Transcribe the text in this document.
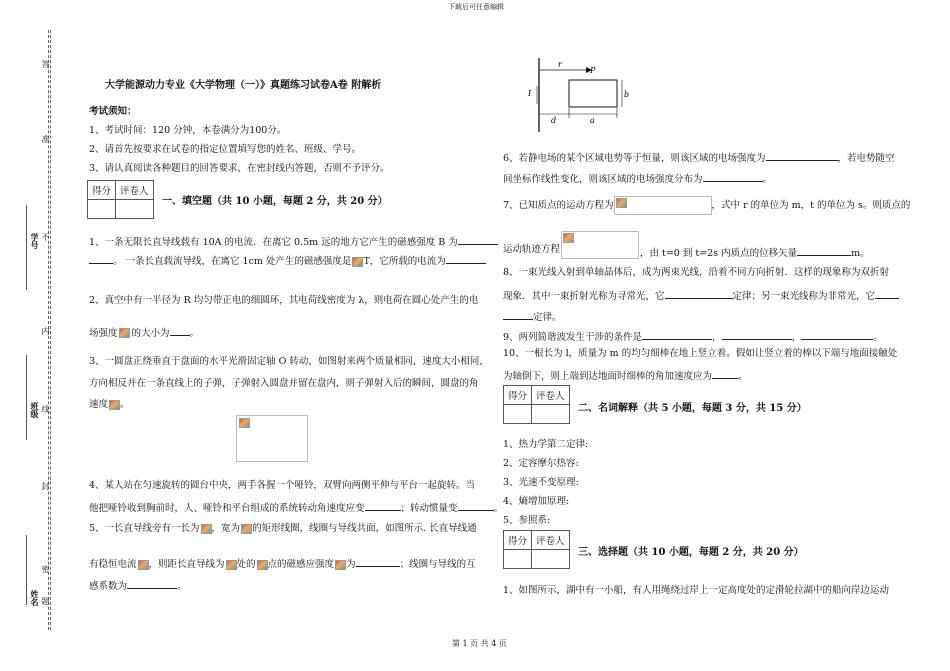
下载后可任意编辑
第 1 页 共 4 页
学号
班级
姓名
答
准
不
内
线
封
密
题
大学能源动力专业《大学物理（一）》真题练习试卷A卷 附解析
考试须知：
1、考试时间：120 分钟，本卷满分为100分。
2、请首先按要求在试卷的指定位置填写您的姓名、班级、学号。
3、请认真阅读各种题目的回答要求，在密封线内答题，否则不予评分。
得分	评卷人

一、填空题（共 10 小题，每题 2 分，共 20 分）
1、一条无限长直导线载有 10A 的电流．在离它 0.5m 远的地方它产生的磁感强度 B 为
。 一条长直载流导线，在离它 1cm 处产生的磁感强度是 T，它所载的电流为
2、真空中有一半径为 R 均匀带正电的细圆环，其电荷线密度为 λ，则电荷在圆心处产生的电
场强度 的大小为 。
3、一圆盘正绕垂直于盘面的水平光滑固定轴 O 转动，如图射来两个质量相同，速度大小相同，
方向相反并在一条直线上的子弹，子弹射入圆盘并留在盘内，则子弹射入后的瞬间，圆盘的角
速度 。
4、某人站在匀速旋转的圆台中央，两手各握一个哑铃，双臂向两侧平伸与平台一起旋转。当
他把哑铃收到胸前时，人、哑铃和平台组成的系统转动角速度应变	；转动惯量变	。
5、一长直导线旁有一长为 ，宽为 的矩形线圈，线圈与导线共面，如图所示. 长直导线通
有稳恒电流 ，则距长直导线为 处的 点的磁感应强度 为	；线圈与导线的互
感系数为	。
r
P
I	b
d	a
6、若静电场的某个区域电势等于恒量，则该区域的电场强度为	，若电势随空
间坐标作线性变化，则该区域的电场强度分布为	。
7、已知质点的运动方程为	，式中 r 的单位为 m，t 的单位为 s。则质点的
运动轨迹方程	，由 t=0 到 t=2s 内质点的位移矢量	m。
8、一束光线入射到单轴晶体后，成为两束光线，沿着不同方向折射．这样的现象称为双折射
现象．其中一束折射光称为寻常光，它	定律；另一束光线称为非常光，它
定律。
9、两列简谐波发生干涉的条件是	，	，	。
10、一根长为 l，质量为 m 的均匀细棒在地上竖立着。假如让竖立着的棒以下端与地面接触处
为轴倒下，则上端到达地面时细棒的角加速度应为	。
得分	评卷人

二、名词解释（共 5 小题，每题 3 分，共 15 分）
1、热力学第二定律:
2、定容摩尔热容:
3、光速不变原理:
4、熵增加原理:
5、参照系:
得分	评卷人

三、选择题（共 10 小题，每题 2 分，共 20 分）
1、如图所示，湖中有一小船，有人用绳绕过岸上一定高度处的定滑轮拉湖中的船向岸边运动
